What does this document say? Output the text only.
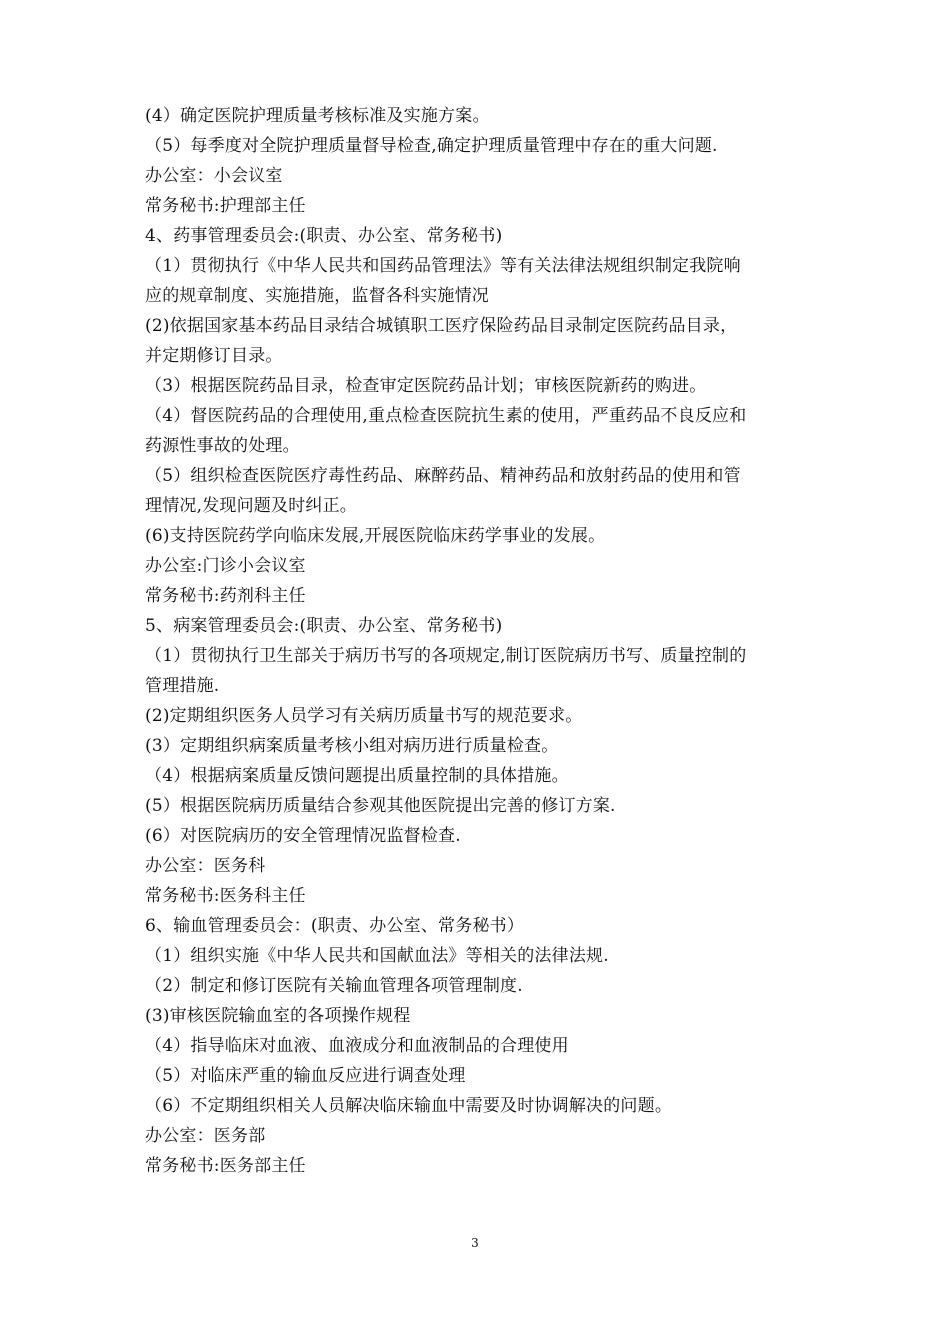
(4）确定医院护理质量考核标准及实施方案。
（5）每季度对全院护理质量督导检查,确定护理质量管理中存在的重大问题.
办公室：小会议室
常务秘书:护理部主任
4、药事管理委员会:(职责、办公室、常务秘书)
（1）贯彻执行《中华人民共和国药品管理法》等有关法律法规组织制定我院响
应的规章制度、实施措施，监督各科实施情况
(2)依据国家基本药品目录结合城镇职工医疗保险药品目录制定医院药品目录，
并定期修订目录。
（3）根据医院药品目录，检查审定医院药品计划；审核医院新药的购进。
（4）督医院药品的合理使用,重点检查医院抗生素的使用，严重药品不良反应和
药源性事故的处理。
（5）组织检查医院医疗毒性药品、麻醉药品、精神药品和放射药品的使用和管
理情况,发现问题及时纠正。
(6)支持医院药学向临床发展,开展医院临床药学事业的发展。
办公室:门诊小会议室
常务秘书:药剂科主任
5、病案管理委员会:(职责、办公室、常务秘书)
（1）贯彻执行卫生部关于病历书写的各项规定,制订医院病历书写、质量控制的
管理措施.
(2)定期组织医务人员学习有关病历质量书写的规范要求。
(3）定期组织病案质量考核小组对病历进行质量检查。
（4）根据病案质量反馈问题提出质量控制的具体措施。
(5）根据医院病历质量结合参观其他医院提出完善的修订方案.
(6）对医院病历的安全管理情况监督检查.
办公室：医务科
常务秘书:医务科主任
6、输血管理委员会：(职责、办公室、常务秘书）
（1）组织实施《中华人民共和国献血法》等相关的法律法规.
（2）制定和修订医院有关输血管理各项管理制度.
(3)审核医院输血室的各项操作规程
（4）指导临床对血液、血液成分和血液制品的合理使用
（5）对临床严重的输血反应进行调查处理
（6）不定期组织相关人员解决临床输血中需要及时协调解决的问题。
办公室：医务部
常务秘书:医务部主任
3
